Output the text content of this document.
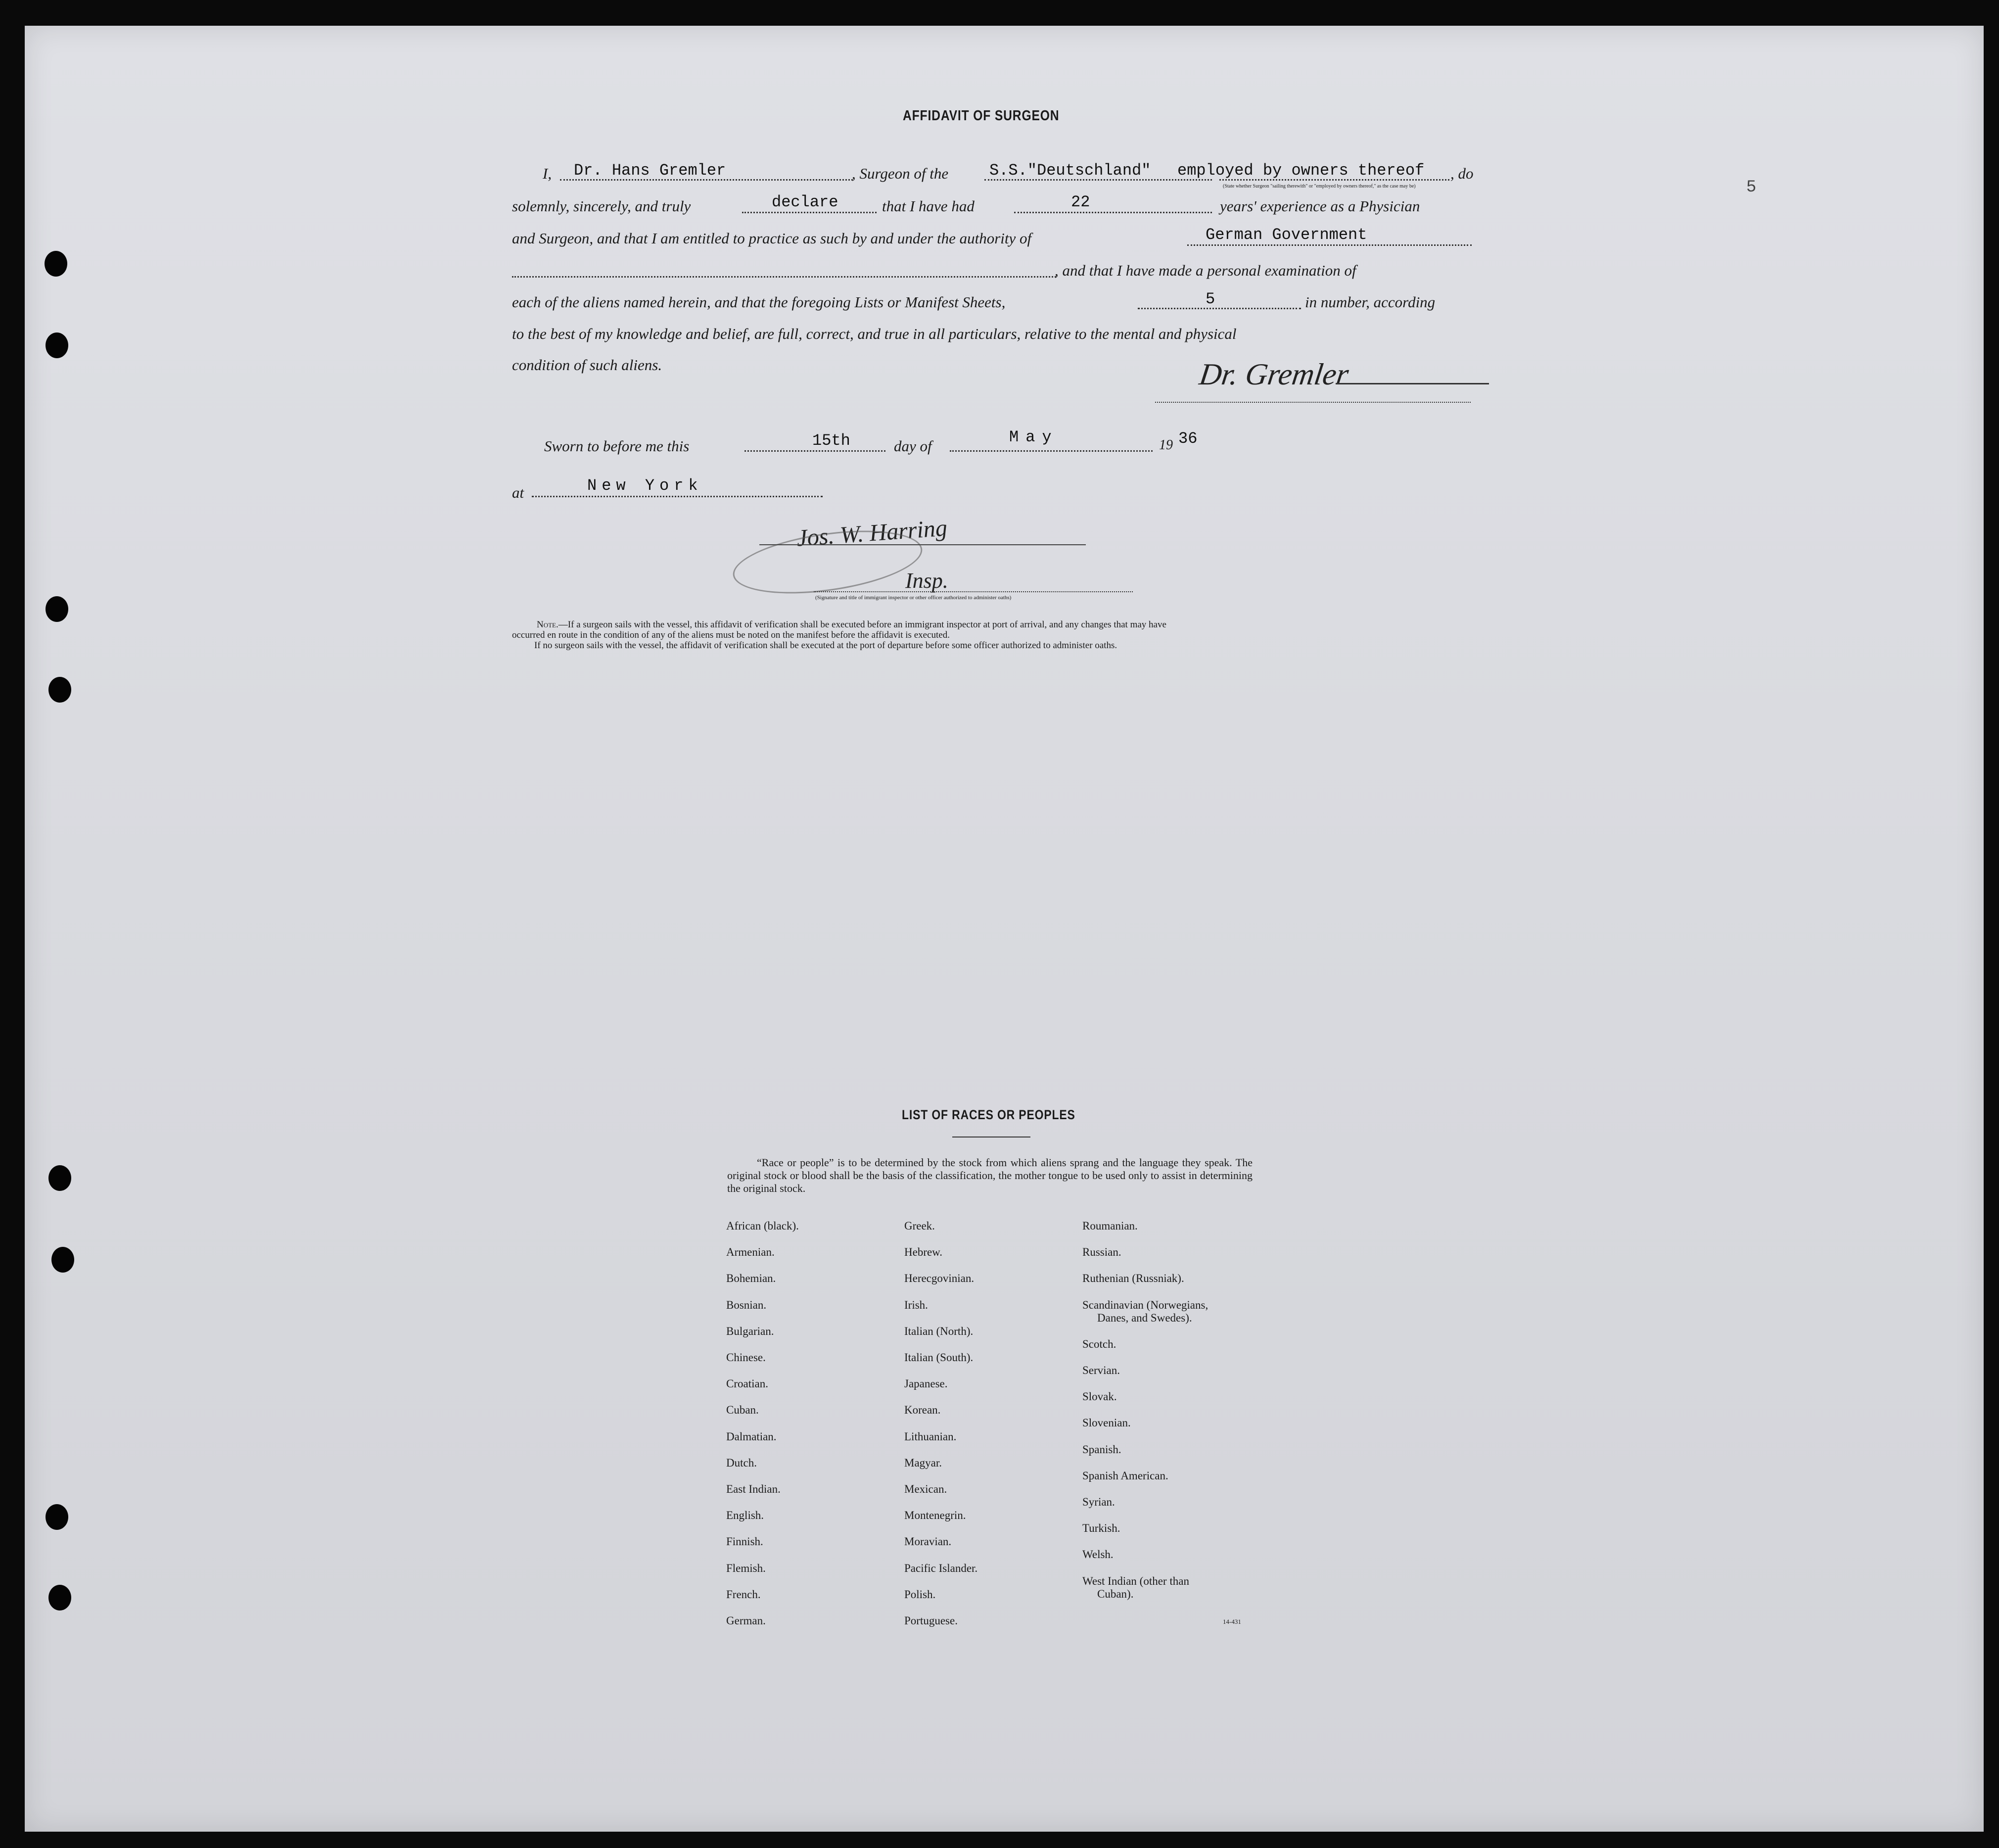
5
AFFIDAVIT OF SURGEON
I, Dr. Hans Gremler	, Surgeon of the	S.S."Deutschland" employed by owners thereof , do
(State whether Surgeon "sailing therewith" or "employed by owners thereof," as the case may be)
solemnly, sincerely, and truly	declare	that I have had	22	years' experience as a Physician
and Surgeon, and that I am entitled to practice as such by and under the authority of	German Government
, and that I have made a personal examination of
each of the aliens named herein, and that the foregoing Lists or Manifest Sheets,	5	in number, according
to the best of my knowledge and belief, are full, correct, and true in all particulars, relative to the mental and physical
condition of such aliens.	Dr. Gremler
Sworn to before me this	15th	day of	May	19 36
at	New York
Jos. W. Harring
Insp.
(Signature and title of immigrant inspector or other officer authorized to administer oaths)
Note.—If a surgeon sails with the vessel, this affidavit of verification shall be executed before an immigrant inspector at port of arrival, and any changes that may have
occurred en route in the condition of any of the aliens must be noted on the manifest before the affidavit is executed.
If no surgeon sails with the vessel, the affidavit of verification shall be executed at the port of departure before some officer authorized to administer oaths.
LIST OF RACES OR PEOPLES
“Race or people” is to be determined by the stock from which aliens sprang and the language they speak. The original stock or blood shall be the basis of the classification, the mother tongue to be used only to assist in determining the original stock.
14-431
African (black).
Armenian.
Bohemian.
Bosnian.
Bulgarian.
Chinese.
Croatian.
Cuban.
Dalmatian.
Dutch.
East Indian.
English.
Finnish.
Flemish.
French.
German.
Greek.
Hebrew.
Herecgovinian.
Irish.
Italian (North).
Italian (South).
Japanese.
Korean.
Lithuanian.
Magyar.
Mexican.
Montenegrin.
Moravian.
Pacific Islander.
Polish.
Portuguese.
Roumanian.
Russian.
Ruthenian (Russniak).
Scandinavian (Norwegians,
Danes, and Swedes).
Scotch.
Servian.
Slovak.
Slovenian.
Spanish.
Spanish American.
Syrian.
Turkish.
Welsh.
West Indian (other than
Cuban).
